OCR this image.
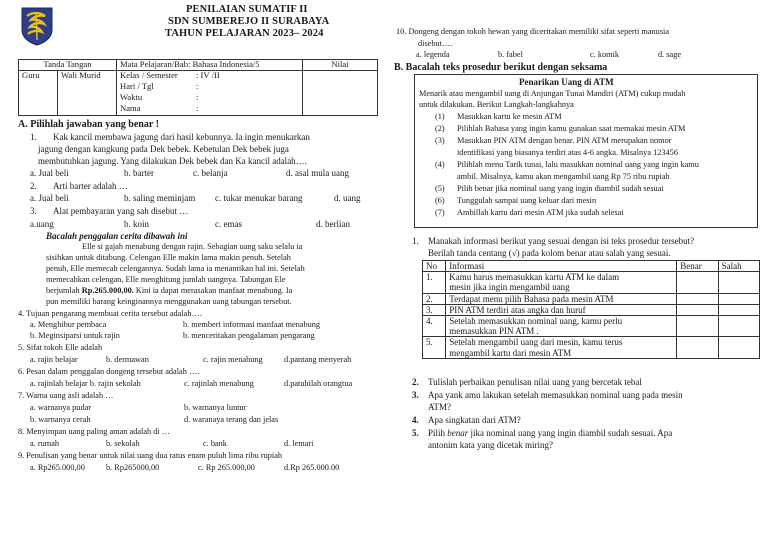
PENILAIAN SUMATIF II
SDN SUMBEREJO II SURABAYA
TAHUN PELAJARAN 2023– 2024
Tanda Tangan		Mata Pelajaran/Bab: Bahasa Indonesia/5		Nilai
Guru	Wali Murid	Kelas / Semester	: IV /II	
		Hari / Tgl	:	
		Waktu	:	
		Nama	:	
A. Pilihlah jawaban yang benar !
1. Kak kancil membawa jagung dari hasil kebunnya. Ia ingin menukarkan
jagung dengan kangkung pada Dek bebek. Kebetulan Dek bebek juga
membutuhkan jagung. Yang dilakukan Dek bebek dan Ka kancil adalah….
a. Jual beli	b. barter	c. belanja	d. asal mula uang
2. Arti barter adalah …
a. Jual beli	b. saling meminjam c. tukar menukar barang	d. uang
3. Alat pembayaran yang sah disebut …
a.uang	b. koin	c. emas	d. berlian
Bacalah penggalan cerita dibawah ini
Elle si gajah menabung dengan rajin. Sebagian uang saku selalu ia
sisihkan untuk ditabung. Celengan Elle makin lama makin penuh. Setelah
penuh, Elle memecah celengannya. Sudah lama ia menantikan hal ini. Setelah
memecahkan celengan, Elle menghitung jumlah uangnya. Tabungan Ele
berjumlah Rp.265.000,00. Kini ia dapat merasakan manfaat menabung. Ia
pun memiliki barang keinginannya menggunakan uang tabungan tersebut.
4. Tujuan pengarang membuat cerita tersebut adalah….
a. Menghibur pembaca	b. memberi informasi manfaat menabung
b. Meginsiparsi untuk rajin	b. menceritakan pengalaman pengarang
5. Sifat tokoh Elle adalah
a. rajin belajar	b. dermawan	c. rajin menabung	d.pantang menyerah
6. Pesan dalam penggalan dongeng tersebut adalah ….
a. rajinlah belajar b. rajin sekolah	c. rajinlah menabung	d.patuhilah orangtua
7. Warna uang asli adalah …
a. warnanya pudar	b. warnanya luntur
b. warnanya cerah	d. waranaya terang dan jelas
8. Menyimpan uang paling aman adalah di …
a. rumah	b. sekolah	c. bank	d. lemari
9. Penulisan yang benar untuk nilai uang dua ratus enam puluh lima ribu rupiah
a. Rp265.000,00	b. Rp265000,00	c. Rp 265.000,00	d.Rp 265.000.00
10. Dongeng dengan tokoh hewan yang diceritakan memiliki sifat seperti manusia
disebut….
a. legenda	b. fabel	c. komik	d. sage
B. Bacalah teks prosedur berikut dengan seksama
Penarikan Uang di ATM
Menarik atau mengambil uang di Anjungan Tunai Mandiri (ATM) cukup mudah
untuk dilakukan. Berikut Langkah-langkahnya
(1) Masukkan kartu ke mesin ATM
(2) Pilihlah Bahasa yang ingin kamu gunakan saat memakai mesin ATM
(3) Masukkan PIN ATM dengan benar. PIN ATM merupakan nomor
identifikasi yang biasanya terdiri atas 4-6 angka. Misalnya 123456
(4) Pilihlah menu Tarik tunai, lalu masukkan nominal uang yang ingin kamu
ambil. Misalnya, kamu akan mengambil uang Rp 75 ribu rupiah
(5) Pilih benar jika nominal uang yang ingin diambil sudah sesuai
(6) Tunggulah sampai uang keluar dari mesin
(7) Ambillah kartu dari mesin ATM jika sudah selesai
1. Manakah informasi berikut yang sesuai dengan isi teks prosedur tersebut?
Berilah tanda centang (√) pada kolom benar atau salah yang sesuai.
No	Informasi	Benar	Salah
1.	Kamu harus memasukkan kartu ATM ke dalam
mesin jika ingin mengambil uang		
2.	Terdapat menu pilih Bahasa pada mesin ATM		
3.	PIN ATM terdiri atas angka dan huruf		
4.	Setelah memasukkan nominal uang, kamu perlu
memasukkan PIN ATM .		
5.	Setelah mengambil uang dari mesin, kamu terus
mengambil kartu dari mesin ATM		
2. Tulislah perbaikan penulisan nilai uang yang bercetak tebal
3. Apa yank amu lakukan setelah memasukkan nominal uang pada mesin
ATM?
4. Apa singkatan dari ATM?
5. Pilih benar jika nominal uang yang ingin diambil sudah sesuai. Apa
antonim kata yang dicetak miring?
